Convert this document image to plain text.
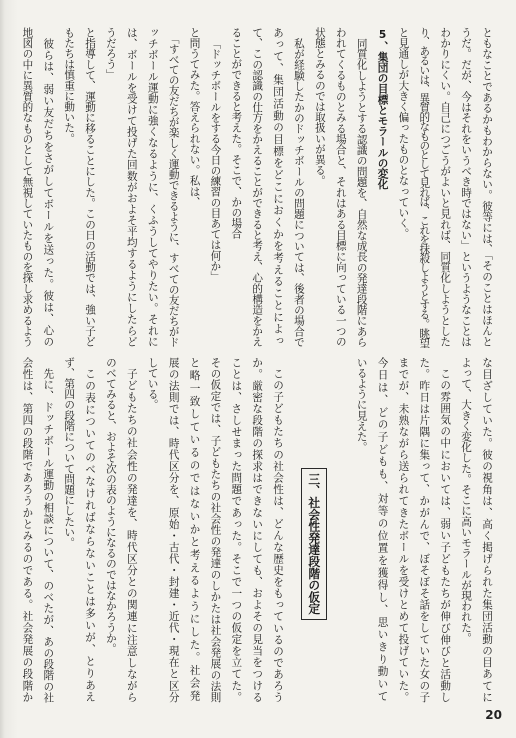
ともなことであるかもわからない。彼等には、「そのことはほんと
うだ。だが、今はそれをいうべき時ではない」というようなことは
わかりにくい。自己につごうがよいと見れば、同質化しようとした
り、あるいは、異質的なものとして見れば、これを抹殺しようとする。眺望
と見通しが大きく偏ったものとなっていく。
5、集団の目標とモラールの変化
同質化しようとする認識の問題を、自然な成長の発達段階にあら
われてくるものとみる場合と、それはある目標に向っている一つの
状態とみるのでは取扱いが異る。
私が経験したかのドッチボールの問題については、後者の場合で
あって、集団活動の目標をどこにおくかを考えることによっ
て、この認識の仕方をかえることができると考え、心的構造をかえ
ることができると考えた。そこで、かの場合
「ドッチボールをする今日の練習の目あては何か」
と問うてみた。答えられない。私は、
「すべての友だちが楽しく運動できるように、すべての友だちがド
ッチボール運動に強くなるように、くふうしてやりたい。それに
は、ボールを受けて投げた回数がおよそ平均するようにしたらど
うだろう」
と指導して、運動に移ることにした。この日の活動では、強い子ど
もたちは慎重に動いた。
彼らは、弱い友だちをさがしてボールを送った。彼は、心の
地図の中に異質的なものとして無視していたものを探し求めるよう
な目ざしていた。彼の視角は、高く掲げられた集団活動の目あてに
よって、大きく変化した。そこに高いモラールが現われた。
この雰囲気の中においては、弱い子どもたちが伸び伸びと活動し
た。昨日は片隅に集って、かがんで、ぼそぼそ話をしていた女の子
までが、未熟ながら送られてきたボールを受けとめて投げていた。
今日は、どの子どもも、対等の位置を獲得し、思いきり動いて
いるように見えた。
三、社会性発達段階の仮定
この子どもたちの社会性は、どんな歴史をもっているのであろう
か。厳密な段階の探求はできないにしても、およその見当をつける
ことは、さしせまった問題であった。そこで一つの仮定を立てた。
その仮定では、子どもたちの社会性の発達のしかたは社会発展の法則
と略一致しているのではないかと考えるようにした。社会発
展の法則では、時代区分を、原始・古代・封建・近代・現在と区分
している。
子どもたちの社会性の発達を、時代区分との関連に注意しながら
のべてみると、およそ次の表のようになるのではなかろうか。
この表についてのべなければならないことは多いが、とりあえ
ず、第四の段階について問題にしたい。
先に、ドッチボール運動の相談について、のべたが、あの段階の社
会性は、第四の段階であろうかとみるのである。社会発展の段階か
20
